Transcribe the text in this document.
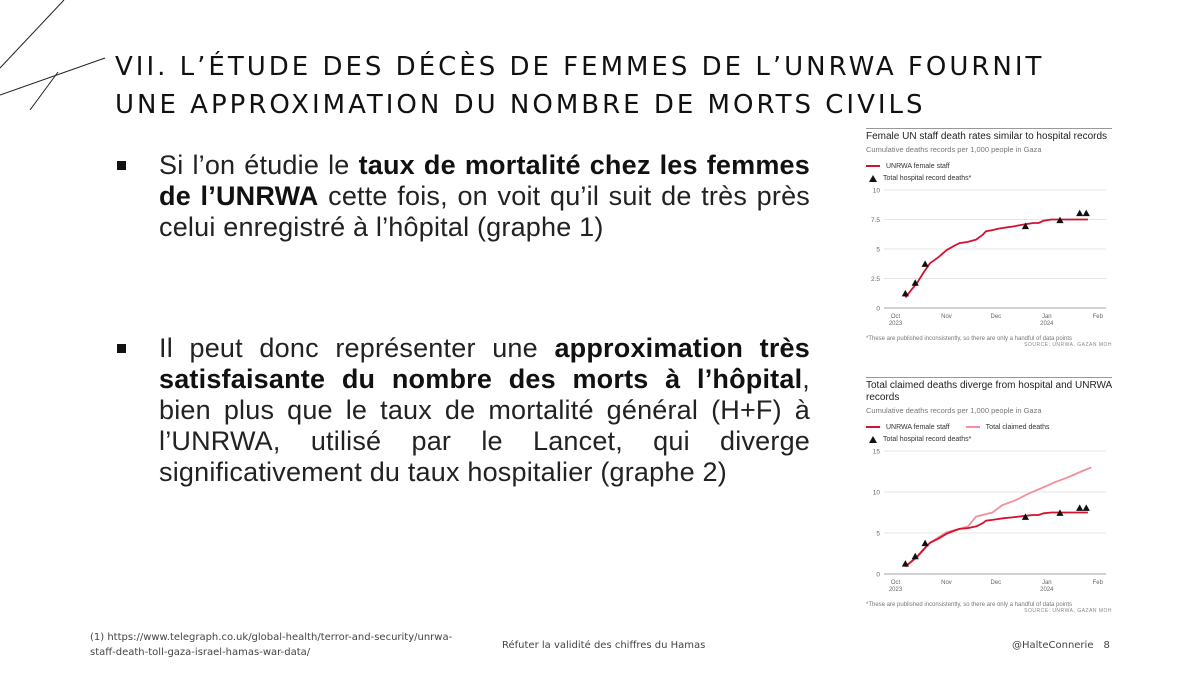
VII. L’ÉTUDE DES DÉCÈS DE FEMMES DE L’UNRWA FOURNIT
UNE APPROXIMATION DU NOMBRE DE MORTS CIVILS
Si l’on étudie le taux de mortalité chez les femmes de l’UNRWA cette fois, on voit qu’il suit de très près celui enregistré à l’hôpital (graphe 1)
Il peut donc représenter une approximation très satisfaisante du nombre des morts à l’hôpital, bien plus que le taux de mortalité général (H+F) à l’UNRWA, utilisé par le Lancet, qui diverge significativement du taux hospitalier (graphe 2)
Female UN staff death rates similar to hospital records
Cumulative deaths records per 1,000 people in Gaza
UNRWA female staff
Total hospital record deaths*
0
2.5
5
7.5
10
Oct
2023
Nov	Dec	Jan
2024
Feb
*These are published inconsistently, so there are only a handful of data points
SOURCE: UNRWA, GAZAN MOH
Total claimed deaths diverge from hospital and UNRWA records
Cumulative deaths records per 1,000 people in Gaza
UNRWA female staff	Total claimed deaths
Total hospital record deaths*
0
5
10
15
Oct
2023
Nov	Dec	Jan
2024
Feb
*These are published inconsistently, so there are only a handful of data points
SOURCE: UNRWA, GAZAN MOH
(1) https://www.telegraph.co.uk/global-health/terror-and-security/unrwa-staff-death-toll-gaza-israel-hamas-war-data/
Réfuter la validité des chiffres du Hamas	@HalteConnerie 8
